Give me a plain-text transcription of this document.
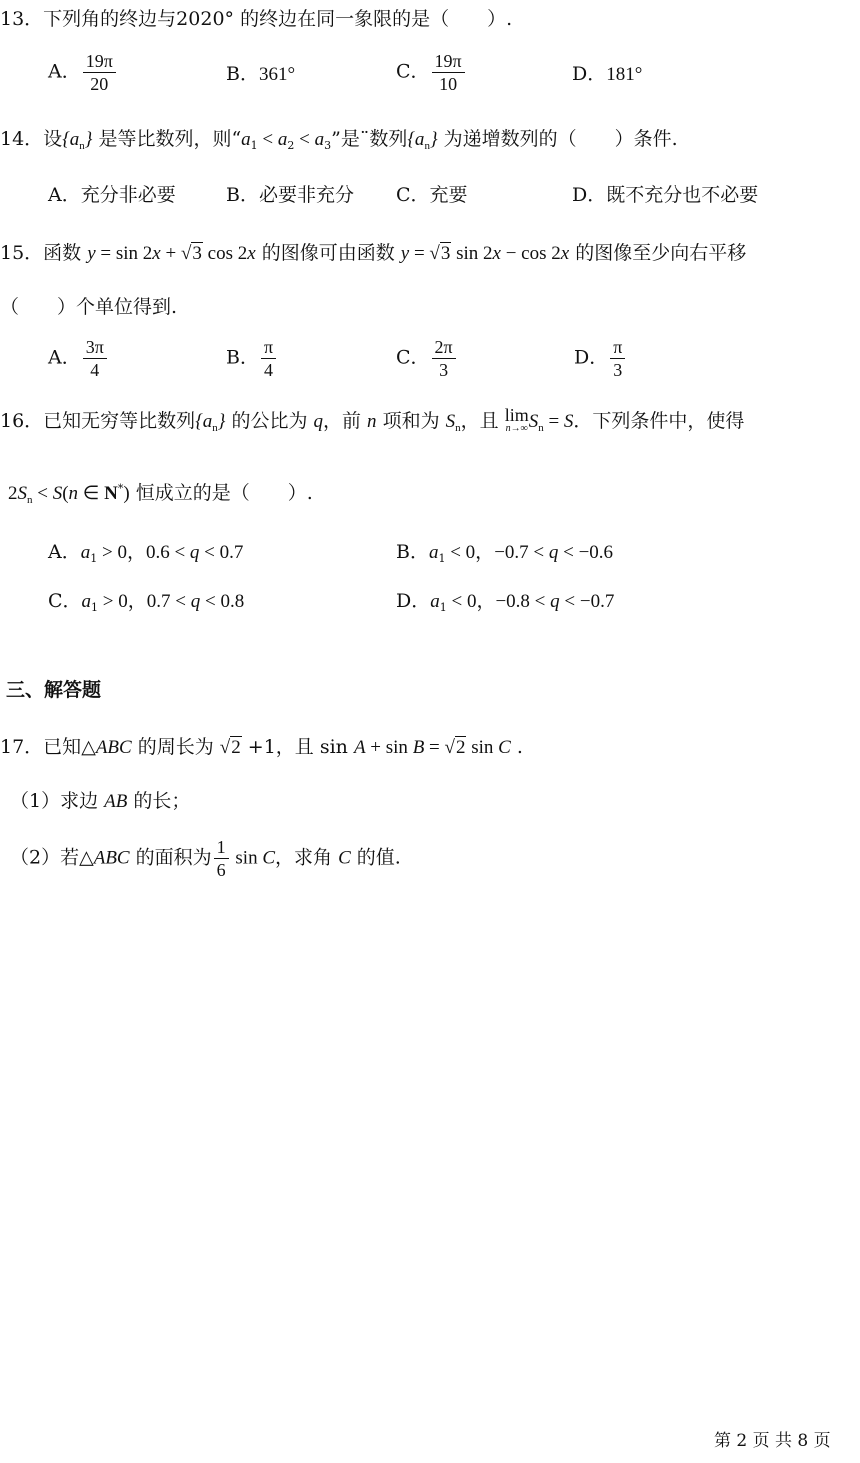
13．下列角的终边与2020° 的终边在同一象限的是（　　）.
A． $\frac{19\pi}{20}$	B．361°	C． $\frac{19\pi}{10}$	D．181°
14．设$\{a_n\}$ 是等比数列，则“$a_1 < a_2 < a_3$”是¨数列$\{a_n\}$ 为递增数列的（　　）条件.
A．充分非必要	B．必要非充分 C．充要	D．既不充分也不必要
15．函数 y = sin 2x + √3 cos 2x 的图像可由函数 y = √3 sin 2x − cos 2x 的图像至少向右平移
（　　）个单位得到.
A． $\frac{3\pi}{4}$	B． $\frac{\pi}{4}$	C． $\frac{2\pi}{3}$	D． $\frac{\pi}{3}$
16．已知无穷等比数列$\{a_n\}$ 的公比为 q，前 n 项和为 $S_n$，且 lim
n→∞ $S_n = S$．下列条件中，使得
$2S_n < S(n$ ∈ N*) 恒成立的是（　　）.
A．$a_1 > 0$，0.6 < q < 0.7	B．$a_1 < 0$，−0.7 < q < −0.6
C．$a_1 > 0$，0.7 < q < 0.8	D．$a_1 < 0$，−0.8 < q < −0.7
三、解答题
17．已知△ABC 的周长为 √2 +1，且 sin A + sin B = √2 sin C .
（1）求边 AB 的长；
（2）若△ABC 的面积为 $\frac{1}{6}$ sin C，求角 C 的值.
第 2 页 共 8 页
